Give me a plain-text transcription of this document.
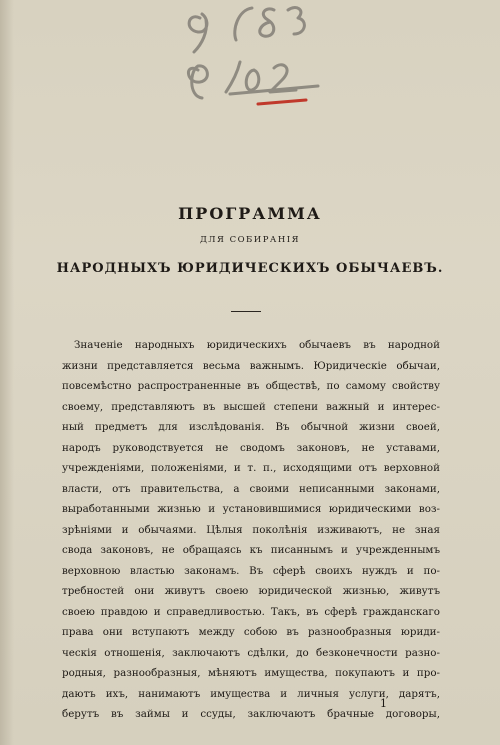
ПРОГРАММА
ДЛЯ СОБИРАНІЯ
НАРОДНЫХЪ ЮРИДИЧЕСКИХЪ ОБЫЧАЕВЪ.
Значеніе народныхъ юридическихъ обычаевъ въ народной
жизни представляется весьма важнымъ. Юридическіе обычаи,
повсемѣстно распространенные въ обществѣ, по самому свойству
своему, представляютъ въ высшей степени важный и интерес-
ный предметъ для изслѣдованія. Въ обычной жизни своей,
народъ руководствуется не сводомъ законовъ, не уставами,
учрежденіями, положеніями, и т. п., исходящими отъ верховной
власти, отъ правительства, а своими неписанными законами,
выработанными жизнью и установившимися юридическими воз-
зрѣніями и обычаями. Цѣлыя поколѣнія изживаютъ, не зная
свода законовъ, не обращаясь къ писаннымъ и учрежденнымъ
верховною властью законамъ. Въ сферѣ своихъ нуждъ и по-
требностей они живутъ своею юридической жизнью, живутъ
своею правдою и справедливостью. Такъ, въ сферѣ гражданскаго
права они вступаютъ между собою въ разнообразныя юриди-
ческія отношенія, заключаютъ сдѣлки, до безконечности разно-
родныя, разнообразныя, мѣняютъ имущества, покупаютъ и про-
даютъ ихъ, нанимаютъ имущества и личныя услуги, дарятъ,
берутъ въ займы и ссуды, заключаютъ брачные договоры,
1
